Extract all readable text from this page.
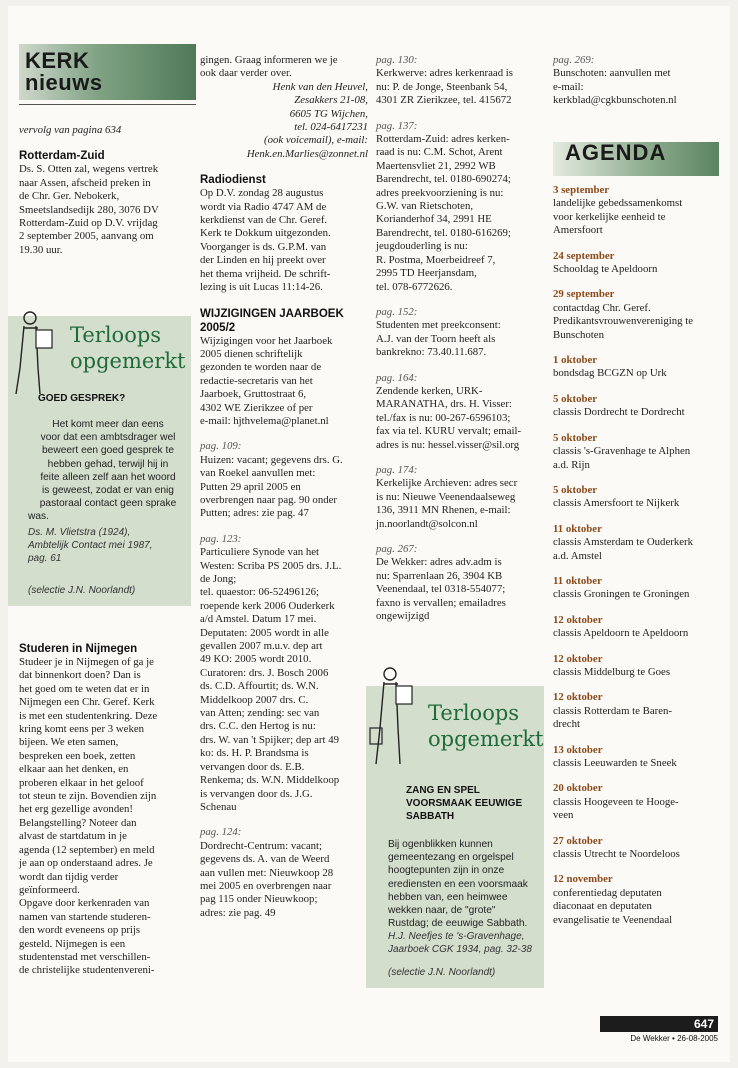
KERK
nieuws

vervolg van pagina 634

Rotterdam-Zuid

Ds. S. Otten zal, wegens vertrek

naar Assen, afscheid preken in

de Chr. Ger. Nebokerk,

Smeetslandsedijk 280, 3076 DV

Rotterdam-Zuid op D.V. vrijdag

2 september 2005, aanvang om

19.30 uur.

Terloops
opgemerkt
GOED GESPREK?

Het komt meer dan eens

voor dat een ambtsdrager wel

beweert een goed gesprek te

hebben gehad, terwijl hij in

feite alleen zelf aan het woord

is geweest, zodat er van enig

pastoraal contact geen sprake

was.

Ds. M. Vlietstra (1924),

Ambtelijk Contact mei 1987,

pag. 61

(selectie J.N. Noorlandt)

Studeren in Nijmegen

Studeer je in Nijmegen of ga je

dat binnenkort doen? Dan is

het goed om te weten dat er in

Nijmegen een Chr. Geref. Kerk

is met een studentenkring. Deze

kring komt eens per 3 weken

bijeen. We eten samen,

bespreken een boek, zetten

elkaar aan het denken, en

proberen elkaar in het geloof

tot steun te zijn. Bovendien zijn

het erg gezellige avonden!

Belangstelling? Noteer dan

alvast de startdatum in je

agenda (12 september) en meld

je aan op onderstaand adres. Je

wordt dan tijdig verder

geïnformeerd.

Opgave door kerkenraden van

namen van startende studeren-

den wordt eveneens op prijs

gesteld. Nijmegen is een

studentenstad met verschillen-

de christelijke studentenvereni-

gingen. Graag informeren we je

ook daar verder over.

Henk van den Heuvel,

Zesakkers 21-08,

6605 TG Wijchen,

tel. 024-6417231

(ook voicemail), e-mail:

Henk.en.Marlies@zonnet.nl

Radiodienst

Op D.V. zondag 28 augustus

wordt via Radio 4747 AM de

kerkdienst van de Chr. Geref.

Kerk te Dokkum uitgezonden.

Voorganger is ds. G.P.M. van

der Linden en hij preekt over

het thema vrijheid. De schrift-

lezing is uit Lucas 11:14-26.

WIJZIGINGEN JAARBOEK
2005/2

Wijzigingen voor het Jaarboek

2005 dienen schriftelijk

gezonden te worden naar de

redactie-secretaris van het

Jaarboek, Gruttostraat 6,

4302 WE Zierikzee of per

e-mail: hjthvelema@planet.nl

pag. 109:

Huizen: vacant; gegevens drs. G.

van Roekel aanvullen met:

Putten 29 april 2005 en

overbrengen naar pag. 90 onder

Putten; adres: zie pag. 47

pag. 123:

Particuliere Synode van het

Westen: Scriba PS 2005 drs. J.L.

de Jong;

tel. quaestor: 06-52496126;

roepende kerk 2006 Ouderkerk

a/d Amstel. Datum 17 mei.

Deputaten: 2005 wordt in alle

gevallen 2007 m.u.v. dep art

49 KO: 2005 wordt 2010.

Curatoren: drs. J. Bosch 2006

ds. C.D. Affourtit; ds. W.N.

Middelkoop 2007 drs. C.

van Atten; zending: sec van

drs. C.C. den Hertog is nu:

drs. W. van 't Spijker; dep art 49

ko: ds. H. P. Brandsma is

vervangen door ds. E.B.

Renkema; ds. W.N. Middelkoop

is vervangen door ds. J.G.

Schenau

pag. 124:

Dordrecht-Centrum: vacant;

gegevens ds. A. van de Weerd

aan vullen met: Nieuwkoop 28

mei 2005 en overbrengen naar

pag 115 onder Nieuwkoop;

adres: zie pag. 49

pag. 130:

Kerkwerve: adres kerkenraad is

nu: P. de Jonge, Steenbank 54,

4301 ZR Zierikzee, tel. 415672

pag. 137:

Rotterdam-Zuid: adres kerken-

raad is nu: C.M. Schot, Arent

Maertensvliet 21, 2992 WB

Barendrecht, tel. 0180-690274;

adres preekvoorziening is nu:

G.W. van Rietschoten,

Korianderhof 34, 2991 HE

Barendrecht, tel. 0180-616269;

jeugdouderling is nu:

R. Postma, Moerbeidreef 7,

2995 TD Heerjansdam,

tel. 078-6772626.

pag. 152:

Studenten met preekconsent:

A.J. van der Toorn heeft als

bankrekno: 73.40.11.687.

pag. 164:

Zendende kerken, URK-

MARANATHA, drs. H. Visser:

tel./fax is nu: 00-267-6596103;

fax via tel. KURU vervalt; email-

adres is nu: hessel.visser@sil.org

pag. 174:

Kerkelijke Archieven: adres secr

is nu: Nieuwe Veenendaalseweg

136, 3911 MN Rhenen, e-mail:

jn.noorlandt@solcon.nl

pag. 267:

De Wekker: adres adv.adm is

nu: Sparrenlaan 26, 3904 KB

Veenendaal, tel 0318-554077;

faxno is vervallen; emailadres

ongewijzigd

Terloops
opgemerkt

ZANG EN SPEL

VOORSMAAK EEUWIGE

SABBATH

Bij ogenblikken kunnen

gemeentezang en orgelspel

hoogtepunten zijn in onze

erediensten en een voorsmaak

hebben van, een heimwee

wekken naar, de "grote"

Rustdag; de eeuwige Sabbath.

H.J. Neefjes te 's-Gravenhage,

Jaarboek CGK 1934, pag. 32-38

(selectie J.N. Noorlandt)

pag. 269:

Bunschoten: aanvullen met

e-mail:

kerkblad@cgkbunschoten.nl

AGENDA

3 september

landelijke gebedssamenkomst

voor kerkelijke eenheid te

Amersfoort

24 september

Schooldag te Apeldoorn

29 september

contactdag Chr. Geref.

Predikantsvrouwenvereniging te

Bunschoten

1 oktober

bondsdag BCGZN op Urk

5 oktober

classis Dordrecht te Dordrecht

5 oktober

classis 's-Gravenhage te Alphen

a.d. Rijn

5 oktober

classis Amersfoort te Nijkerk

11 oktober

classis Amsterdam te Ouderkerk

a.d. Amstel

11 oktober

classis Groningen te Groningen

12 oktober

classis Apeldoorn te Apeldoorn

12 oktober

classis Middelburg te Goes

12 oktober

classis Rotterdam te Baren-

drecht

13 oktober

classis Leeuwarden te Sneek

20 oktober

classis Hoogeveen te Hooge-

veen

27 oktober

classis Utrecht te Noordeloos

12 november

conferentiedag deputaten

diaconaat en deputaten

evangelisatie te Veenendaal

647
De Wekker • 26-08-2005
